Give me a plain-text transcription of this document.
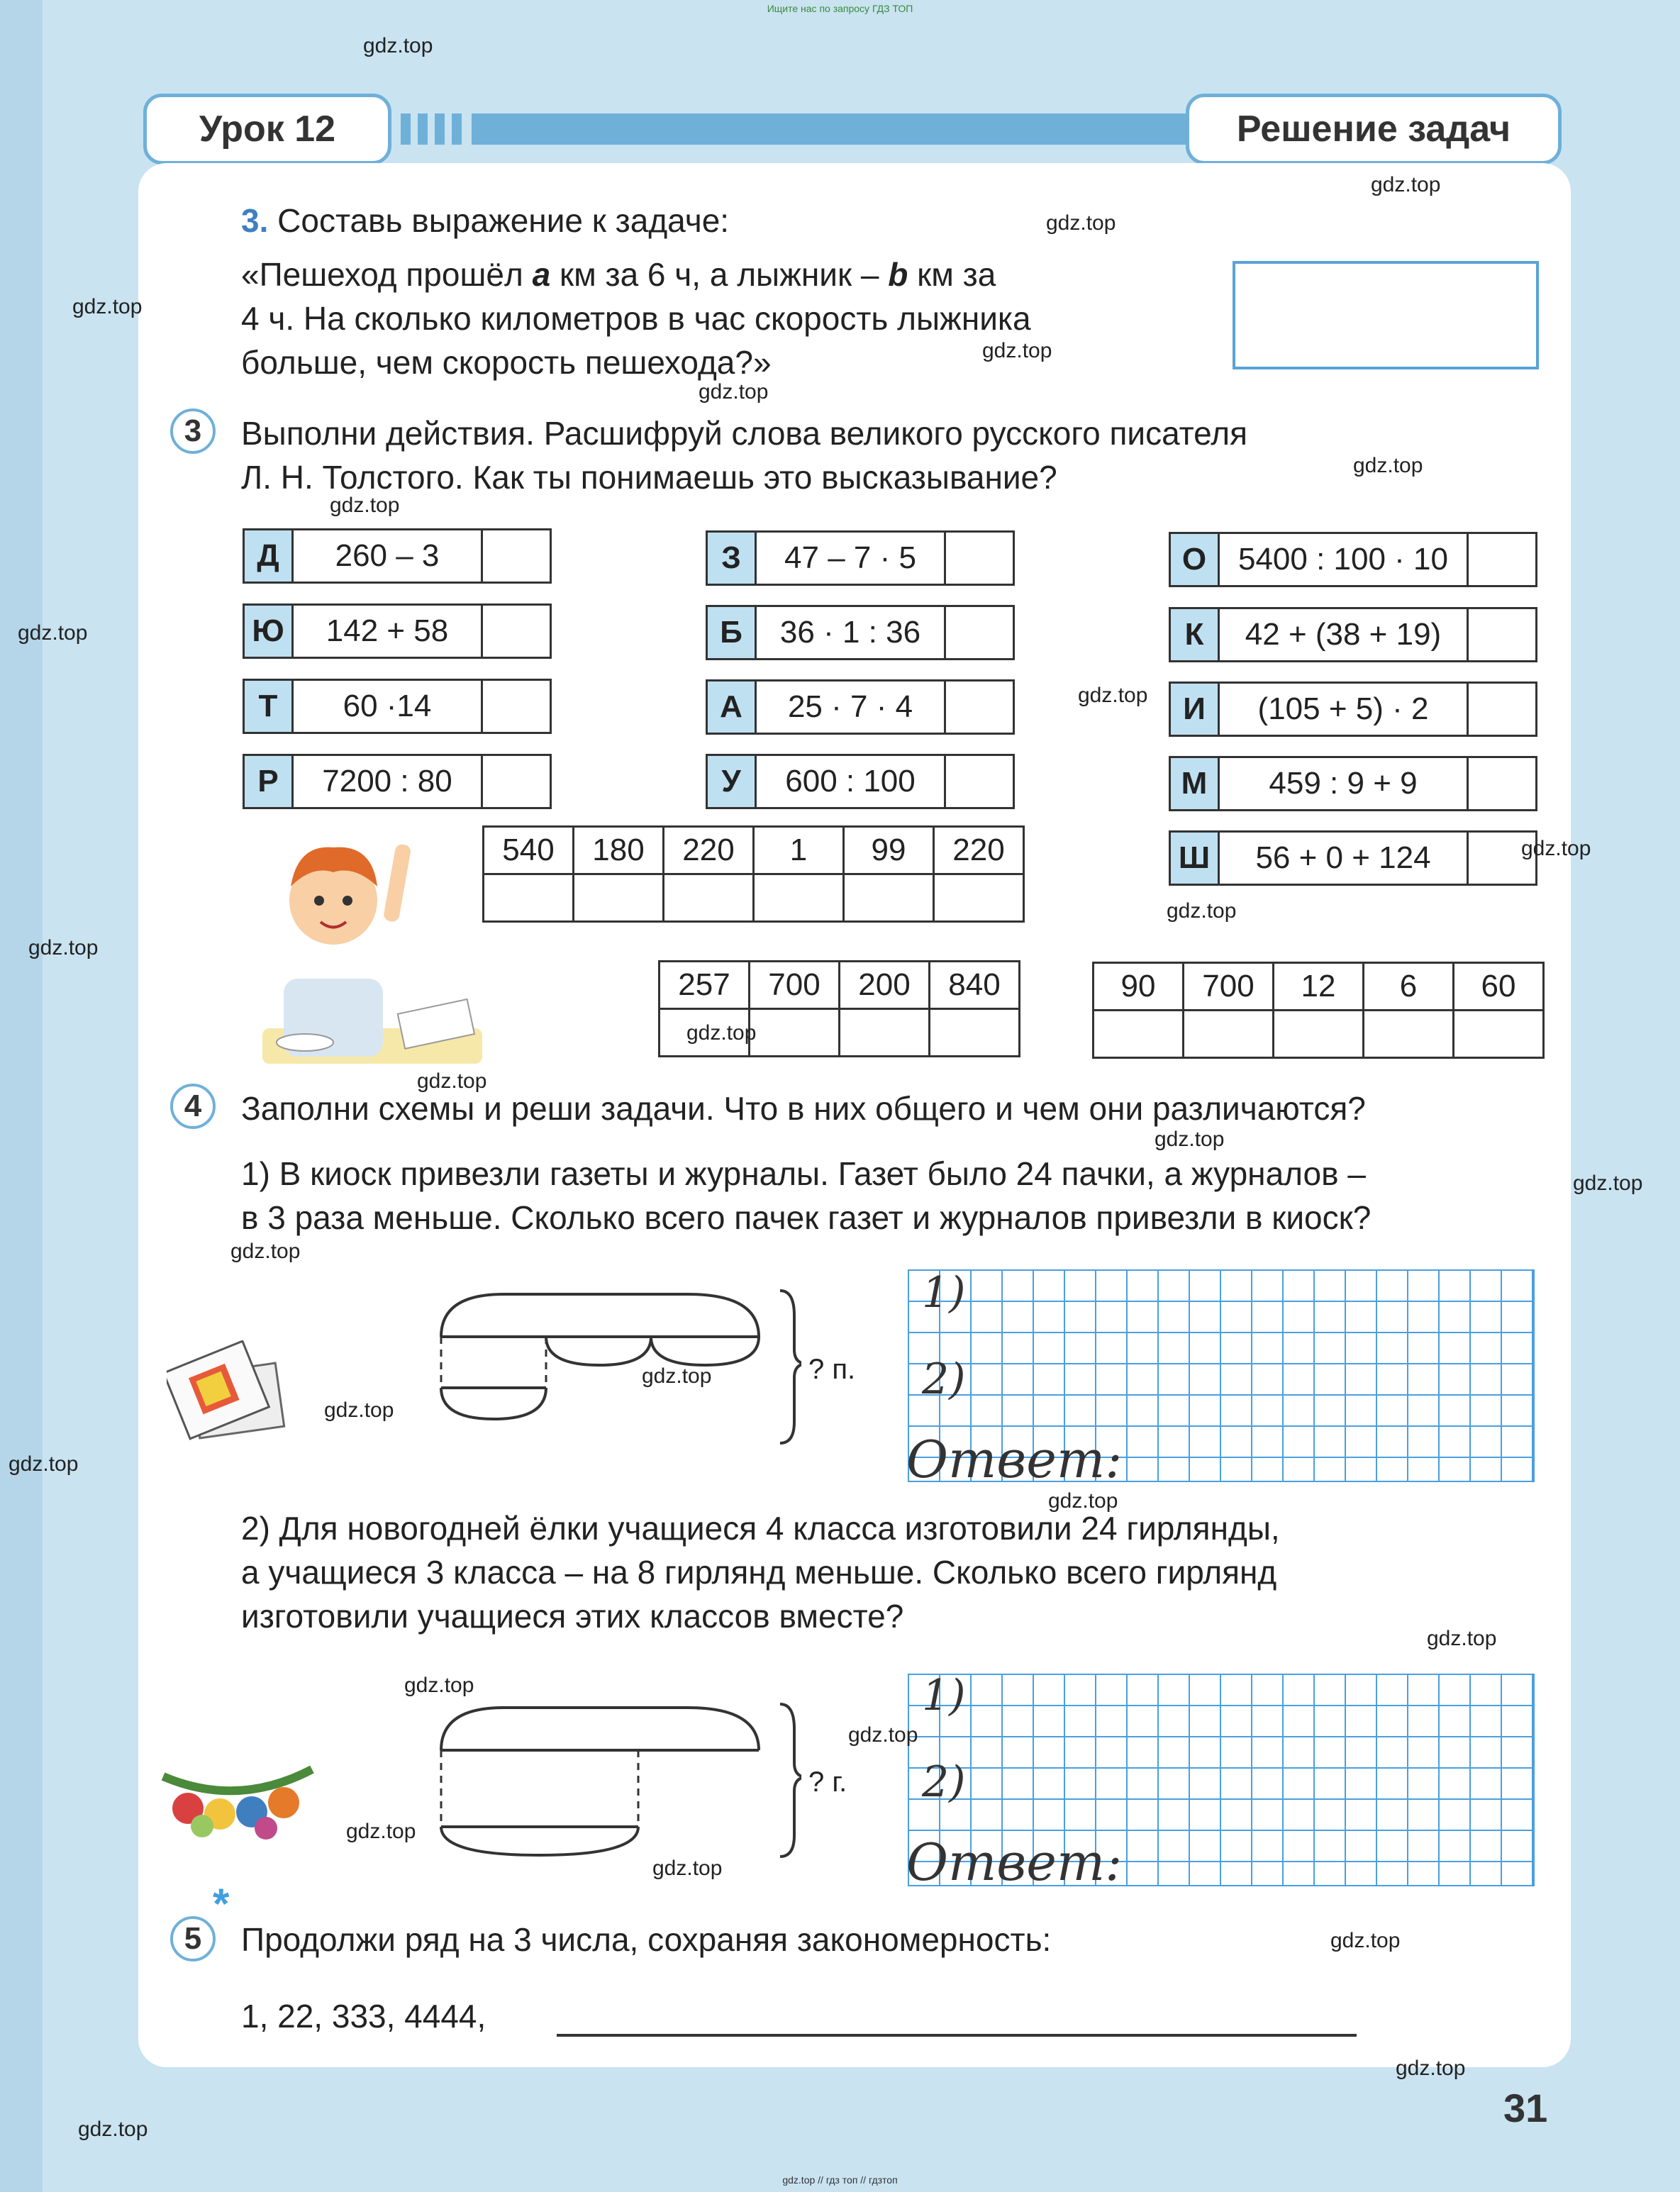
Ищите нас по запросу ГДЗ ТОП
gdz.top // гдз топ // гдзтоп
Урок 12	Решение задач
3. Составь выражение к задаче:
«Пешеход прошёл a км за 6 ч, а лыжник – b км за
4 ч. На сколько километров в час скорость лыжника
больше, чем скорость пешехода?»
3	Выполни действия. Расшифруй слова великого русского писателя
Л. Н. Толстого. Как ты понимаешь это высказывание?
Д	260 – 3
Ю	142 + 58
Т	60 ·14
Р	7200 : 80
З	47 – 7 · 5
Б	36 · 1 : 36
А	25 · 7 · 4
У	600 : 100
О	5400 : 100 · 10
К	42 + (38 + 19)
И	(105 + 5) · 2
М	459 : 9 + 9
Ш	56 + 0 + 124
540	180	220	1	99	220

257	700	200	840
				90	700	12	6	60

4	Заполни схемы и реши задачи. Что в них общего и чем они различаются?
1) В киоск привезли газеты и журналы. Газет было 24 пачки, а журналов –
в 3 раза меньше. Сколько всего пачек газет и журналов привезли в киоск?
? п.
1)
2)
Ответ:
2) Для новогодней ёлки учащиеся 4 класса изготовили 24 гирлянды,
а учащиеся 3 класса – на 8 гирлянд меньше. Сколько всего гирлянд
изготовили учащиеся этих классов вместе?
? г.
1)
2)
Ответ:
*
5	Продолжи ряд на 3 числа, сохраняя закономерность:
1, 22, 333, 4444,
31
gdz.top
gdz.top
gdz.top
gdz.top
gdz.top
gdz.top
gdz.top
gdz.top
gdz.top
gdz.top
gdz.top
gdz.top
gdz.top
gdz.top
gdz.top
gdz.top
gdz.top
gdz.top
gdz.top
gdz.top
gdz.top
gdz.top
gdz.top
gdz.top
gdz.top
gdz.top
gdz.top
gdz.top
gdz.top
gdz.top
